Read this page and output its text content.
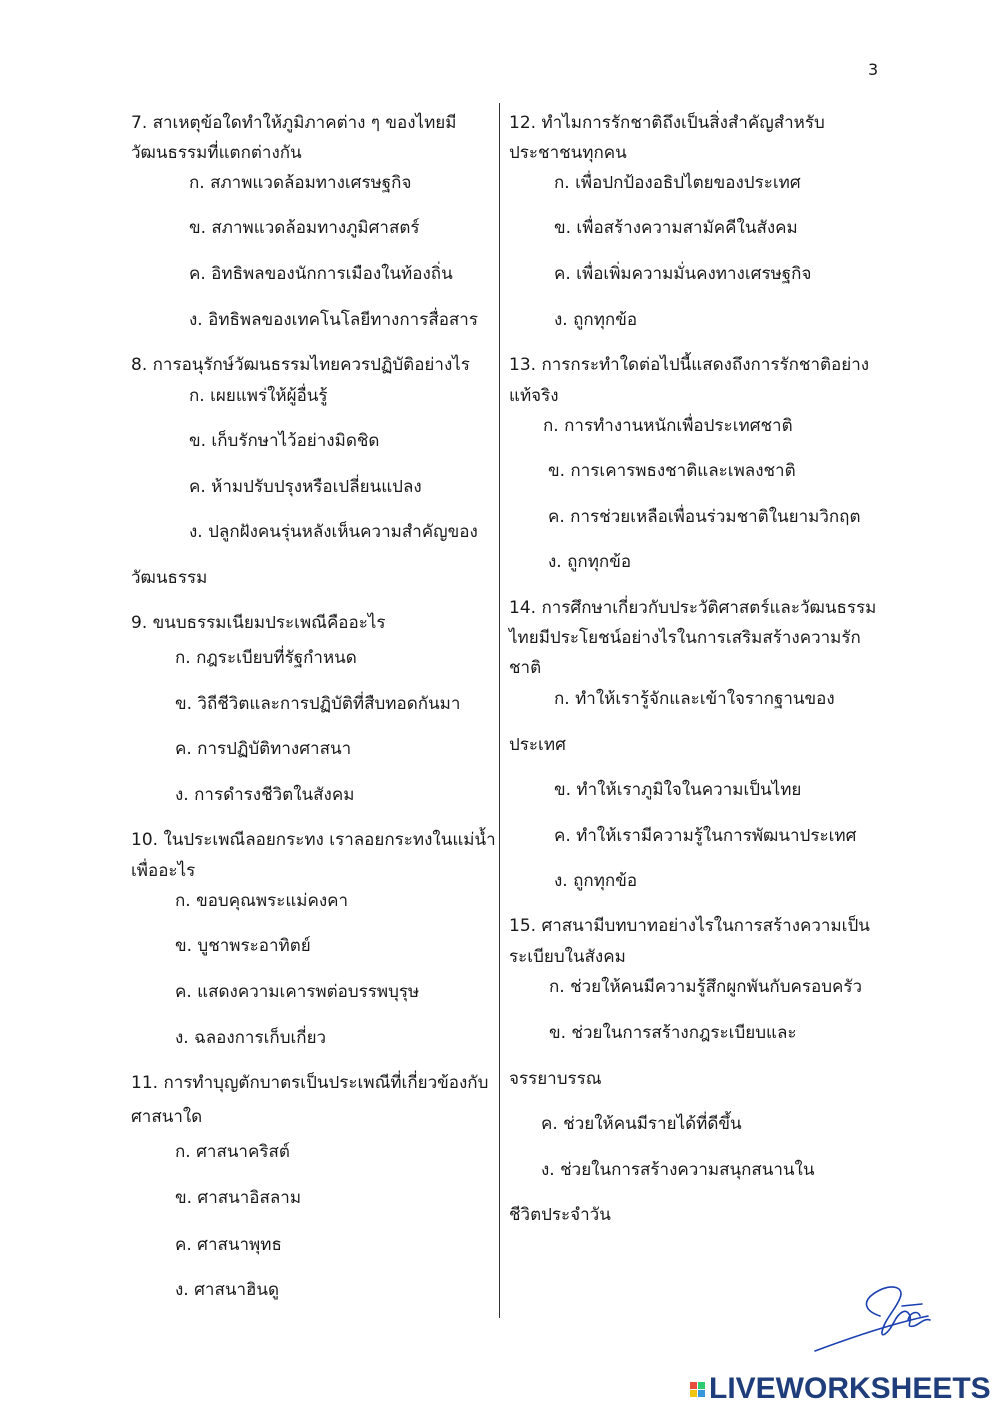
3
7. สาเหตุข้อใดทำให้ภูมิภาคต่าง ๆ ของไทยมี
วัฒนธรรมที่แตกต่างกัน
ก. สภาพแวดล้อมทางเศรษฐกิจ
ข. สภาพแวดล้อมทางภูมิศาสตร์
ค. อิทธิพลของนักการเมืองในท้องถิ่น
ง. อิทธิพลของเทคโนโลยีทางการสื่อสาร
8. การอนุรักษ์วัฒนธรรมไทยควรปฏิบัติอย่างไร
ก. เผยแพร่ให้ผู้อื่นรู้
ข. เก็บรักษาไว้อย่างมิดชิด
ค. ห้ามปรับปรุงหรือเปลี่ยนแปลง
ง. ปลูกฝังคนรุ่นหลังเห็นความสำคัญของ
วัฒนธรรม
9. ขนบธรรมเนียมประเพณีคืออะไร
ก. กฎระเบียบที่รัฐกำหนด
ข. วิถีชีวิตและการปฏิบัติที่สืบทอดกันมา
ค. การปฏิบัติทางศาสนา
ง. การดำรงชีวิตในสังคม
10. ในประเพณีลอยกระทง เราลอยกระทงในแม่น้ำ
เพื่ออะไร
ก. ขอบคุณพระแม่คงคา
ข. บูชาพระอาทิตย์
ค. แสดงความเคารพต่อบรรพบุรุษ
ง. ฉลองการเก็บเกี่ยว
11. การทำบุญตักบาตรเป็นประเพณีที่เกี่ยวข้องกับ
ศาสนาใด
ก. ศาสนาคริสต์
ข. ศาสนาอิสลาม
ค. ศาสนาพุทธ
ง. ศาสนาฮินดู
12. ทำไมการรักชาติถึงเป็นสิ่งสำคัญสำหรับ
ประชาชนทุกคน
ก. เพื่อปกป้องอธิปไตยของประเทศ
ข. เพื่อสร้างความสามัคคีในสังคม
ค. เพื่อเพิ่มความมั่นคงทางเศรษฐกิจ
ง. ถูกทุกข้อ
13. การกระทำใดต่อไปนี้แสดงถึงการรักชาติอย่าง
แท้จริง
ก. การทำงานหนักเพื่อประเทศชาติ
ข. การเคารพธงชาติและเพลงชาติ
ค. การช่วยเหลือเพื่อนร่วมชาติในยามวิกฤต
ง. ถูกทุกข้อ
14. การศึกษาเกี่ยวกับประวัติศาสตร์และวัฒนธรรม
ไทยมีประโยชน์อย่างไรในการเสริมสร้างความรัก
ชาติ
ก. ทำให้เรารู้จักและเข้าใจรากฐานของ
ประเทศ
ข. ทำให้เราภูมิใจในความเป็นไทย
ค. ทำให้เรามีความรู้ในการพัฒนาประเทศ
ง. ถูกทุกข้อ
15. ศาสนามีบทบาทอย่างไรในการสร้างความเป็น
ระเบียบในสังคม
ก. ช่วยให้คนมีความรู้สึกผูกพันกับครอบครัว
ข. ช่วยในการสร้างกฎระเบียบและ
จรรยาบรรณ
ค. ช่วยให้คนมีรายได้ที่ดีขึ้น
ง. ช่วยในการสร้างความสนุกสนานใน
ชีวิตประจำวัน
LIVEWORKSHEETS
